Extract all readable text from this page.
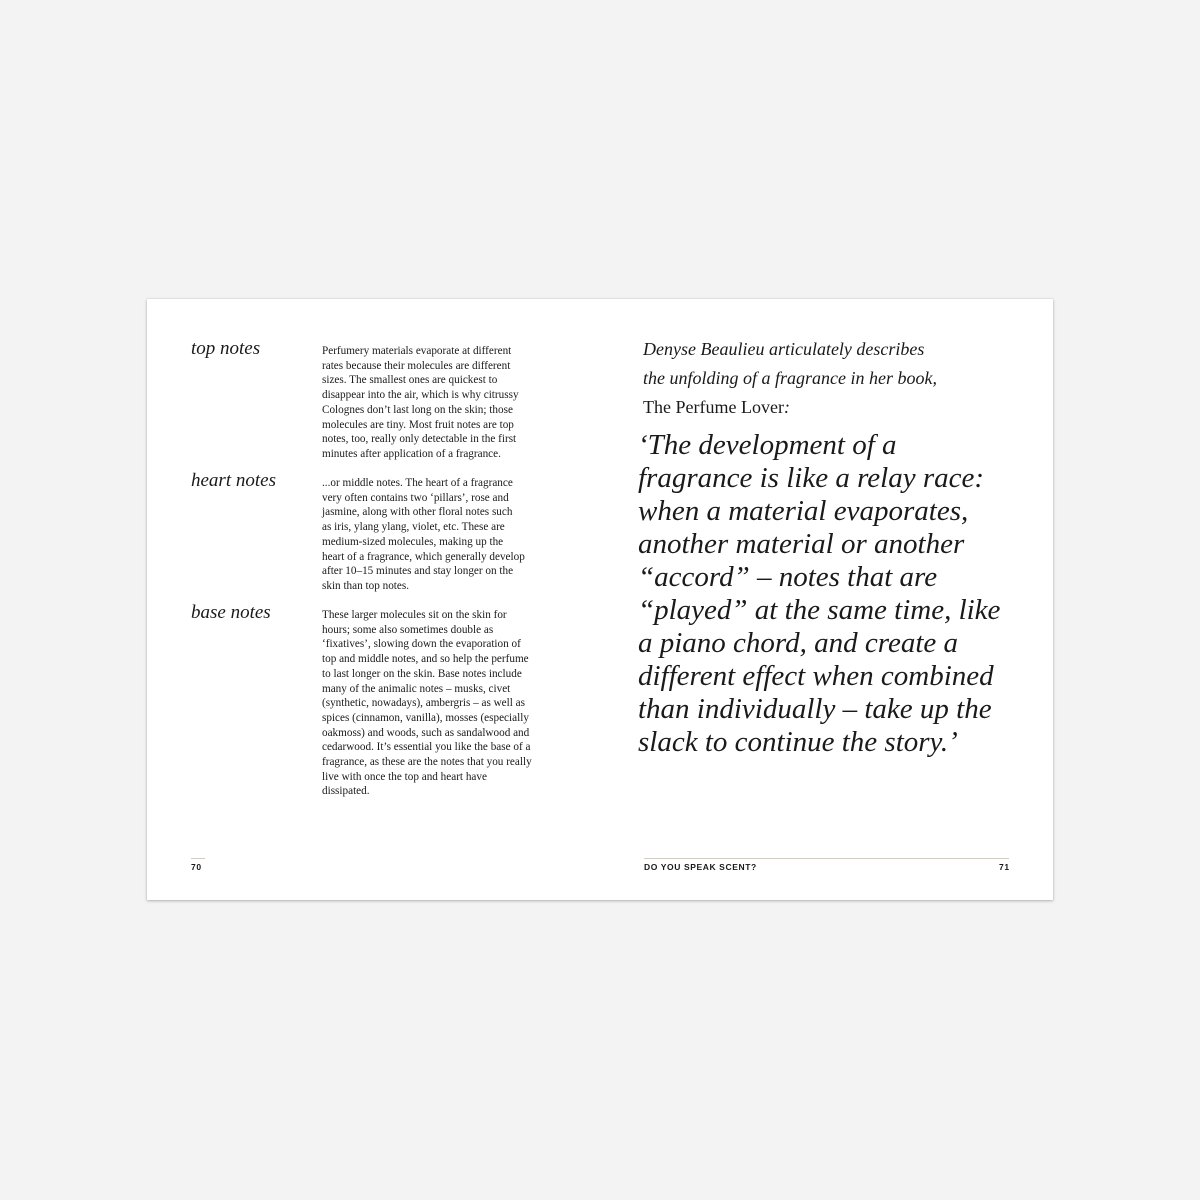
top notes	Perfumery materials evaporate at different
rates because their molecules are different
sizes. The smallest ones are quickest to
disappear into the air, which is why citrussy
Colognes don’t last long on the skin; those
molecules are tiny. Most fruit notes are top
notes, too, really only detectable in the first
minutes after application of a fragrance.

heart notes	...or middle notes. The heart of a fragrance
very often contains two ‘pillars’, rose and
jasmine, along with other floral notes such
as iris, ylang ylang, violet, etc. These are
medium-sized molecules, making up the
heart of a fragrance, which generally develop
after 10–15 minutes and stay longer on the
skin than top notes.

base notes	These larger molecules sit on the skin for
hours; some also sometimes double as
‘fixatives’, slowing down the evaporation of
top and middle notes, and so help the perfume
to last longer on the skin. Base notes include
many of the animalic notes – musks, civet
(synthetic, nowadays), ambergris – as well as
spices (cinnamon, vanilla), mosses (especially
oakmoss) and woods, such as sandalwood and
cedarwood. It’s essential you like the base of a
fragrance, as these are the notes that you really
live with once the top and heart have
dissipated.

70

Denyse Beaulieu articulately describes
the unfolding of a fragrance in her book,
The Perfume Lover:

‘The development of a
fragrance is like a relay race:
when a material evaporates,
another material or another
“accord” – notes that are
“played” at the same time, like
a piano chord, and create a
different effect when combined
than individually – take up the
slack to continue the story.’

DO YOU SPEAK SCENT?	71
